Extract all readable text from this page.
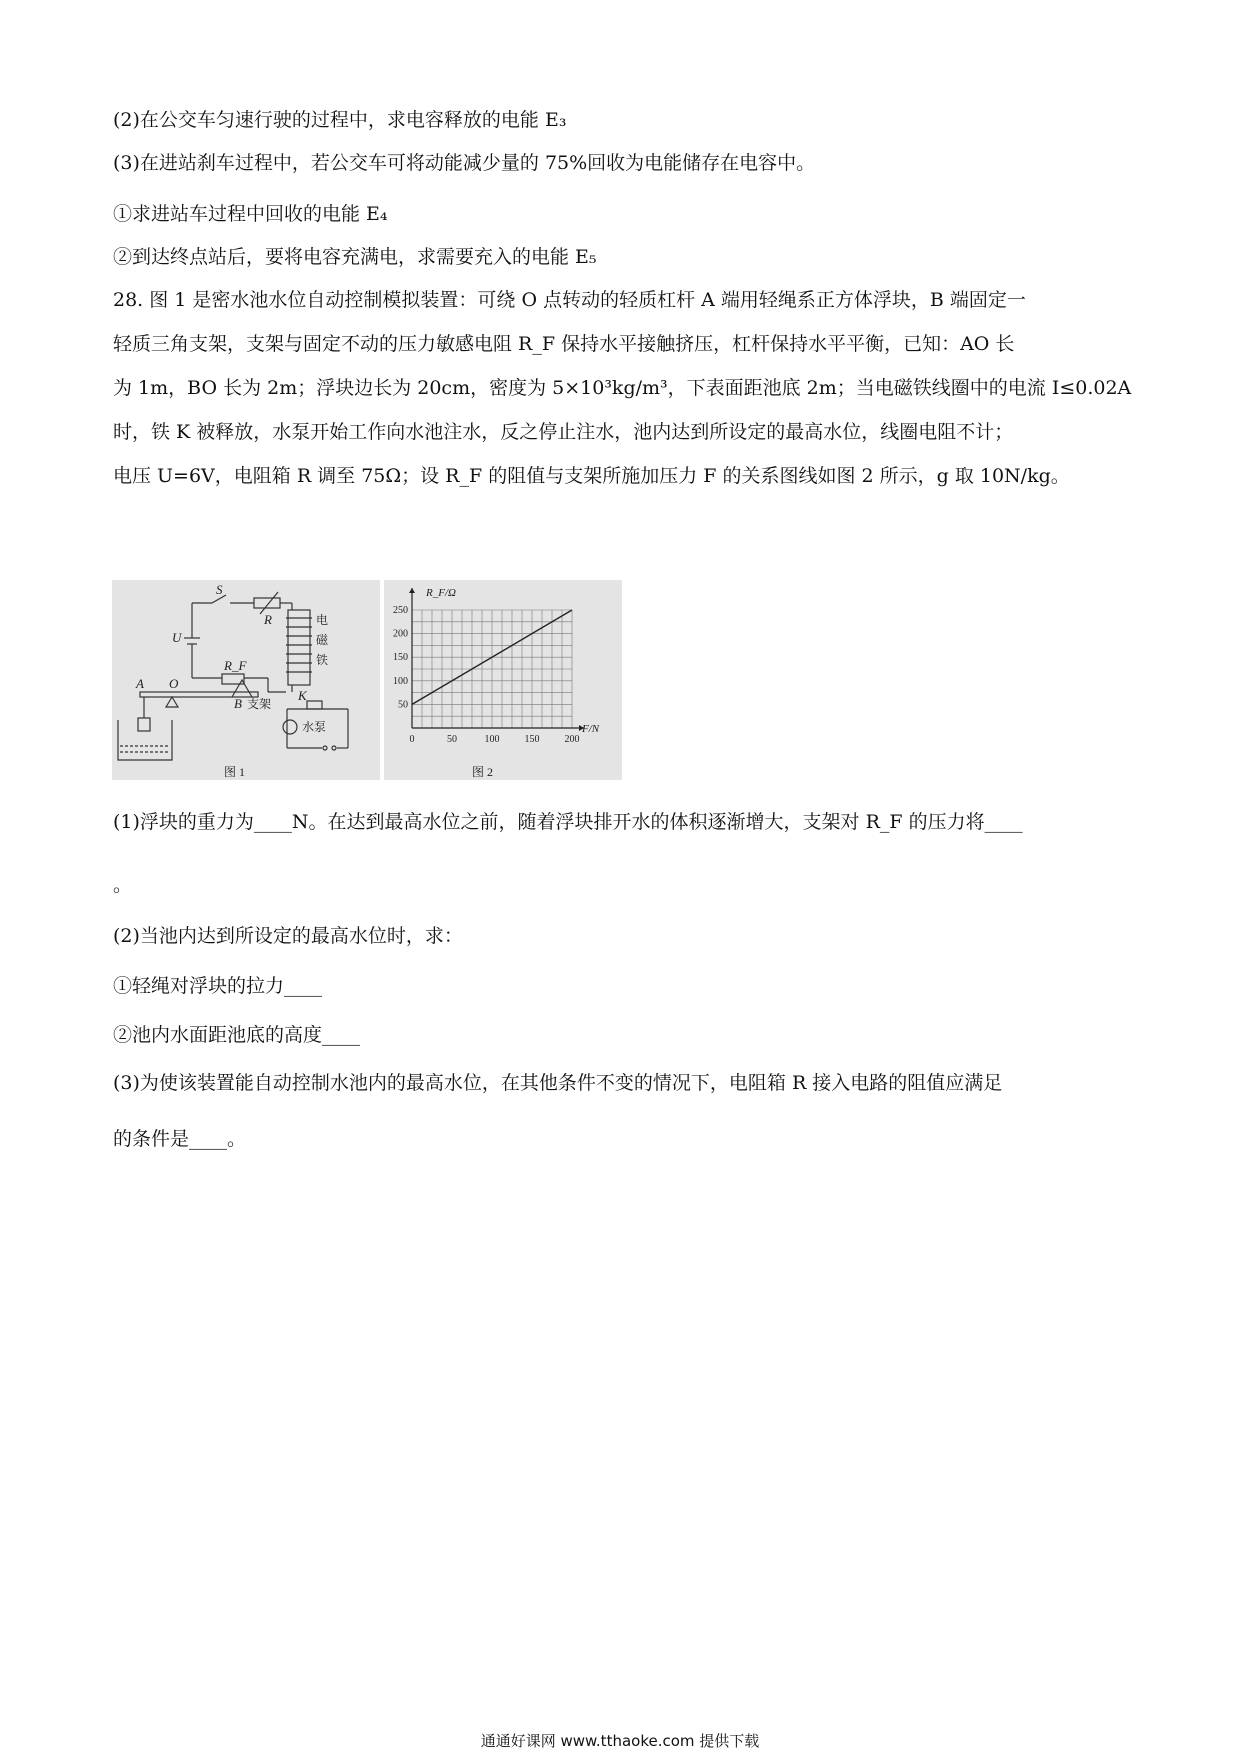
(2)在公交车匀速行驶的过程中，求电容释放的电能 E₃
(3)在进站刹车过程中，若公交车可将动能减少量的 75%回收为电能储存在电容中。
①求进站车过程中回收的电能 E₄
②到达终点站后，要将电容充满电，求需要充入的电能 E₅
28. 图 1 是密水池水位自动控制模拟装置：可绕 O 点转动的轻质杠杆 A 端用轻绳系正方体浮块，B 端固定一
轻质三角支架，支架与固定不动的压力敏感电阻 R_F 保持水平接触挤压，杠杆保持水平平衡，已知：AO 长
为 1m，BO 长为 2m；浮块边长为 20cm，密度为 5×10³kg/m³，下表面距池底 2m；当电磁铁线圈中的电流 I≤0.02A
时，铁 K 被释放，水泵开始工作向水池注水，反之停止注水，池内达到所设定的最高水位，线圈电阻不计；
电压 U=6V，电阻箱 R 调至 75Ω；设 R_F 的阻值与支架所施加压力 F 的关系图线如图 2 所示，g 取 10N/kg。
S
R
U
R_F
A O
B
K
支架
水泵
电
磁
铁
图 1
0	50	100	150	200
50
100
150
200
250
R_F/Ω
F/N
图 2
(1)浮块的重力为____N。在达到最高水位之前，随着浮块排开水的体积逐渐增大，支架对 R_F 的压力将____
。
(2)当池内达到所设定的最高水位时，求：
①轻绳对浮块的拉力____
②池内水面距池底的高度____
(3)为使该装置能自动控制水池内的最高水位，在其他条件不变的情况下，电阻箱 R 接入电路的阻值应满足
的条件是____。
通通好课网 www.tthaoke.com 提供下载
